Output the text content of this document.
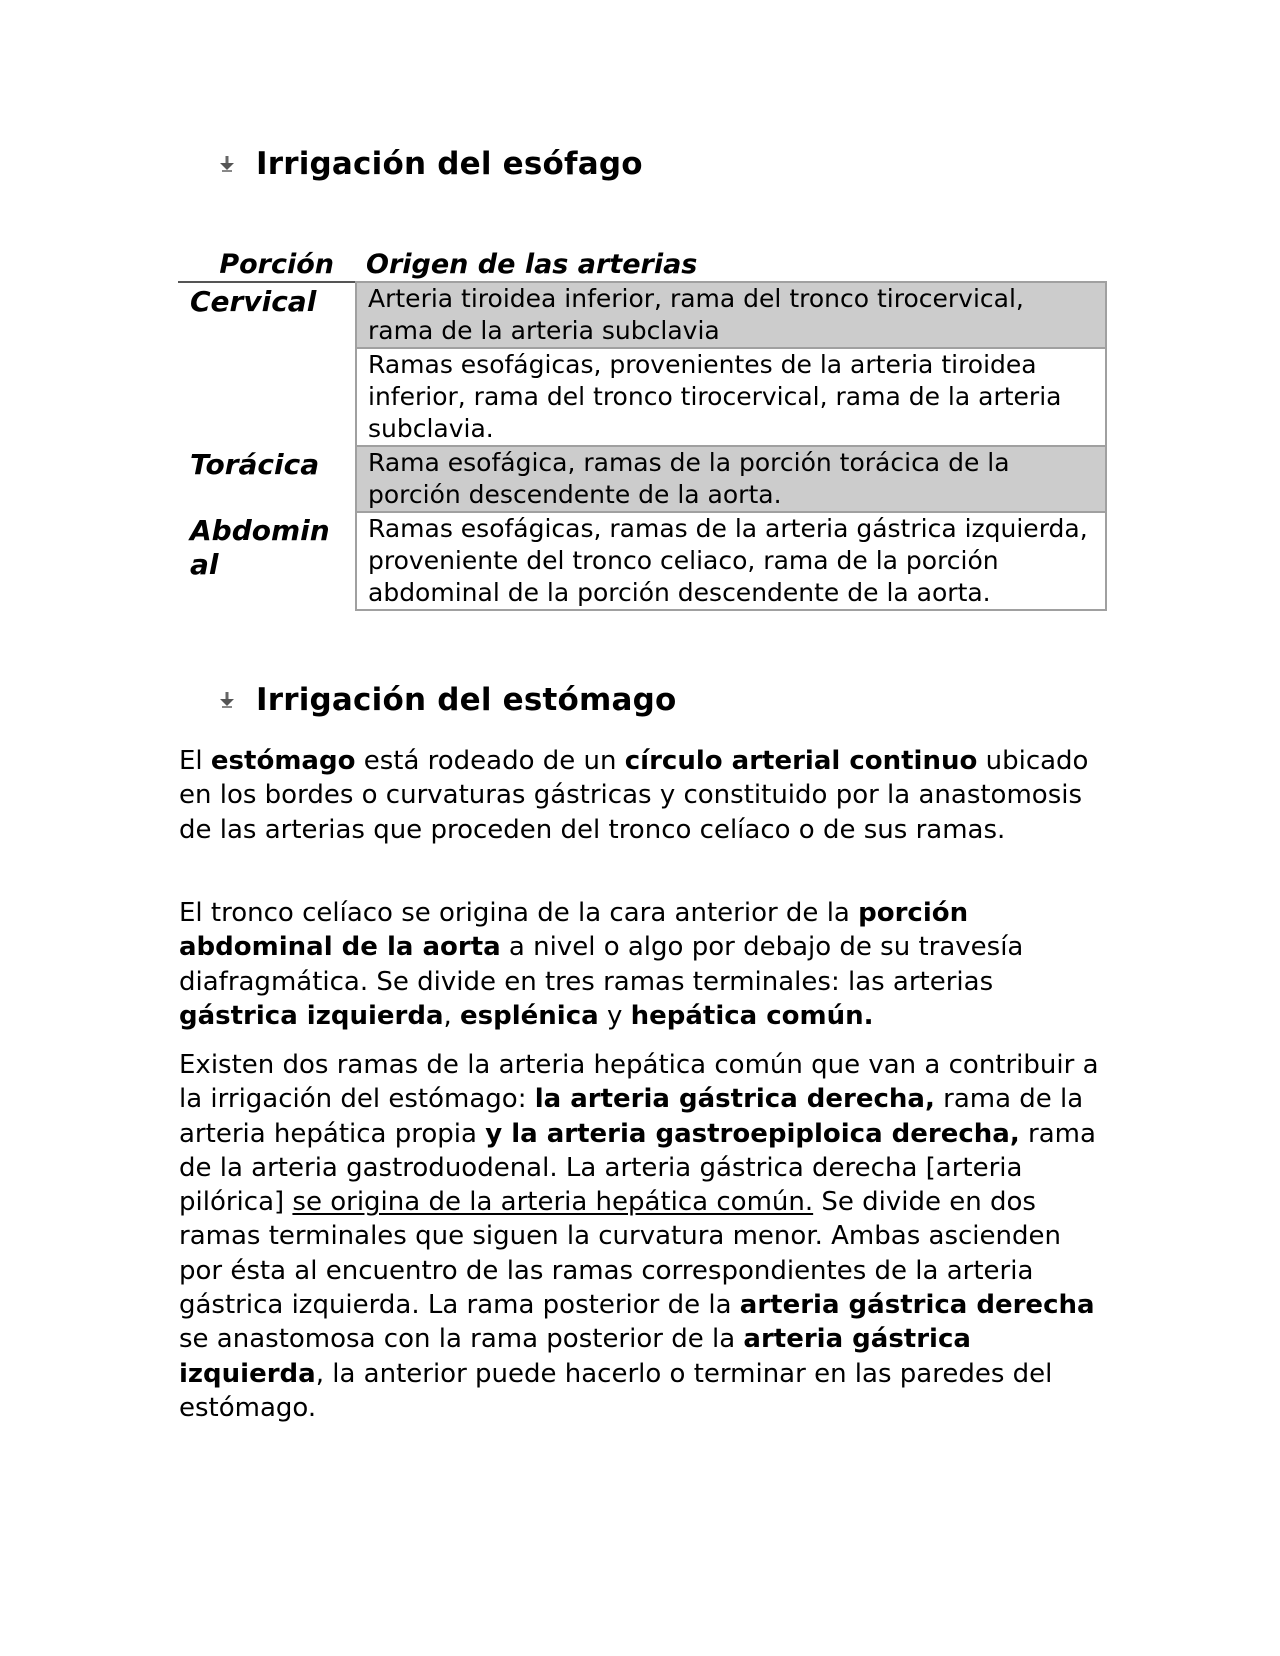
Irrigación del esófago
Porción	Origen de las arterias
Cervical	Arteria tiroidea inferior, rama del tronco tirocervical, rama de la arteria subclavia
	Ramas esofágicas, provenientes de la arteria tiroidea inferior, rama del tronco tirocervical, rama de la arteria subclavia.
Torácica	Rama esofágica, ramas de la porción torácica de la porción descendente de la aorta.
Abdominal	Ramas esofágicas, ramas de la arteria gástrica izquierda, proveniente del tronco celiaco, rama de la porción abdominal de la porción descendente de la aorta.
Irrigación del estómago

El estómago está rodeado de un círculo arterial continuo ubicado en los bordes o curvaturas gástricas y constituido por la anastomosis de las arterias que proceden del tronco celíaco o de sus ramas.

El tronco celíaco se origina de la cara anterior de la porción abdominal de la aorta a nivel o algo por debajo de su travesía diafragmática. Se divide en tres ramas terminales: las arterias gástrica izquierda, esplénica y hepática común.

Existen dos ramas de la arteria hepática común que van a contribuir a la irrigación del estómago: la arteria gástrica derecha, rama de la arteria hepática propia y la arteria gastroepiploica derecha, rama de la arteria gastroduodenal. La arteria gástrica derecha [arteria pilórica] se origina de la arteria hepática común. Se divide en dos ramas terminales que siguen la curvatura menor. Ambas ascienden por ésta al encuentro de las ramas correspondientes de la arteria gástrica izquierda. La rama posterior de la arteria gástrica derecha se anastomosa con la rama posterior de la arteria gástrica izquierda, la anterior puede hacerlo o terminar en las paredes del estómago.
